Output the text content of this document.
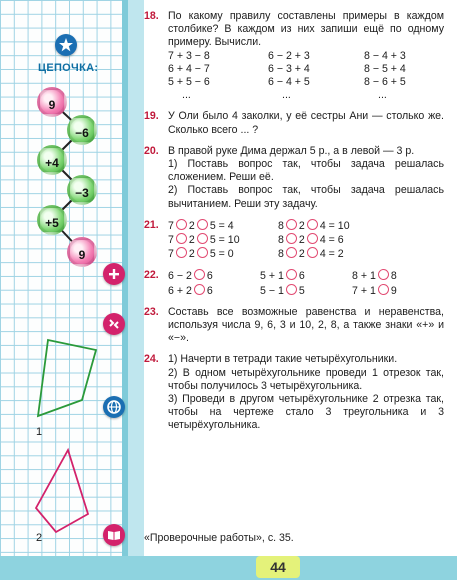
ЦЕПОЧКА:
9
−6
+4
−3
+5
9
1
2
18. По какому правилу составлены примеры в каждом столбике? В каждом из них запиши ещё по одному примеру. Вычисли.

7 + 3 − 8	6 − 2 + 3	8 − 4 + 3
6 + 4 − 7	6 − 3 + 4	8 − 5 + 4
5 + 5 − 6	6 − 4 + 5	8 − 6 + 5
...	...	...
19. У Оли было 4 заколки, у её сестры Ани — столько же. Сколько всего ... ?

20. В правой руке Дима держал 5 р., а в левой — 3 р.

1) Поставь вопрос так, чтобы задача решалась сложением. Реши её.

2) Поставь вопрос так, чтобы задача решалась вычитанием. Реши эту задачу.

21. 7 2 5 = 4	8 2 4 = 10
7 2 5 = 10	8 2 4 = 6
7 2 5 = 0	8 2 4 = 2
22. 6 − 2 6	5 + 1 6	8 + 1 8
6 + 2 6	5 − 1 5	7 + 1 9
23. Составь все возможные равенства и неравенства, используя числа 9, 6, 3 и 10, 2, 8, а также знаки «+» и «−».

24. 1) Начерти в тетради такие четырёхугольники.

2) В одном четырёхугольнике проведи 1 отрезок так, чтобы получилось 3 четырёхугольника.

3) Проведи в другом четырёхугольнике 2 отрезка так, чтобы на чертеже стало 3 треугольника и 3 четырёхугольника.

«Проверочные работы», с. 35.
44
